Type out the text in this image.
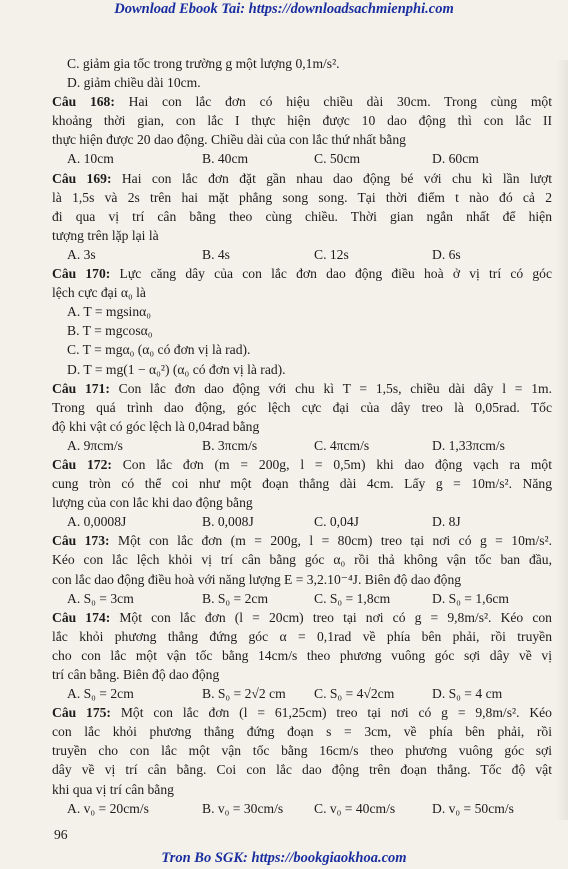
Download Ebook Tai: https://downloadsachmienphi.com
C. giảm gia tốc trong trường g một lượng 0,1m/s².
D. giảm chiều dài 10cm.
Câu 168: Hai con lắc đơn có hiệu chiều dài 30cm. Trong cùng một
khoảng thời gian, con lắc I thực hiện được 10 dao động thì con lắc II
thực hiện được 20 dao động. Chiều dài của con lắc thứ nhất bằng
A. 10cm	B. 40cm	C. 50cm	D. 60cm
Câu 169: Hai con lắc đơn đặt gần nhau dao động bé với chu kì lần lượt
là 1,5s và 2s trên hai mặt phẳng song song. Tại thời điểm t nào đó cả 2
đi qua vị trí cân bằng theo cùng chiều. Thời gian ngắn nhất để hiện
tượng trên lặp lại là
A. 3s	B. 4s	C. 12s	D. 6s
Câu 170: Lực căng dây của con lắc đơn dao động điều hoà ở vị trí có góc
lệch cực đại α₀ là
A. T = mgsinα₀
B. T = mgcosα₀
C. T = mgα₀ (α₀ có đơn vị là rad).
D. T = mg(1 − α₀²) (α₀ có đơn vị là rad).
Câu 171: Con lắc đơn dao động với chu kì T = 1,5s, chiều dài dây l = 1m.
Trong quá trình dao động, góc lệch cực đại của dây treo là 0,05rad. Tốc
độ khi vật có góc lệch là 0,04rad bằng
A. 9πcm/s	B. 3πcm/s	C. 4πcm/s	D. 1,33πcm/s
Câu 172: Con lắc đơn (m = 200g, l = 0,5m) khi dao động vạch ra một
cung tròn có thể coi như một đoạn thẳng dài 4cm. Lấy g = 10m/s². Năng
lượng của con lắc khi dao động bằng
A. 0,0008J	B. 0,008J	C. 0,04J	D. 8J
Câu 173: Một con lắc đơn (m = 200g, l = 80cm) treo tại nơi có g = 10m/s².
Kéo con lắc lệch khỏi vị trí cân bằng góc α₀ rồi thả không vận tốc ban đầu,
con lắc dao động điều hoà với năng lượng E = 3,2.10⁻⁴J. Biên độ dao động
A. S₀ = 3cm	B. S₀ = 2cm	C. S₀ = 1,8cm	D. S₀ = 1,6cm
Câu 174: Một con lắc đơn (l = 20cm) treo tại nơi có g = 9,8m/s². Kéo con
lắc khỏi phương thẳng đứng góc α = 0,1rad về phía bên phải, rồi truyền
cho con lắc một vận tốc bằng 14cm/s theo phương vuông góc sợi dây về vị
trí cân bằng. Biên độ dao động
A. S₀ = 2cm	B. S₀ = 2√2 cm	C. S₀ = 4√2cm	D. S₀ = 4 cm
Câu 175: Một con lắc đơn (l = 61,25cm) treo tại nơi có g = 9,8m/s². Kéo
con lắc khỏi phương thẳng đứng đoạn s = 3cm, về phía bên phải, rồi
truyền cho con lắc một vận tốc bằng 16cm/s theo phương vuông góc sợi
dây về vị trí cân bằng. Coi con lắc dao động trên đoạn thẳng. Tốc độ vật
khi qua vị trí cân bằng
A. v₀ = 20cm/s	B. v₀ = 30cm/s	C. v₀ = 40cm/s	D. v₀ = 50cm/s
96
Tron Bo SGK: https://bookgiaokhoa.com
